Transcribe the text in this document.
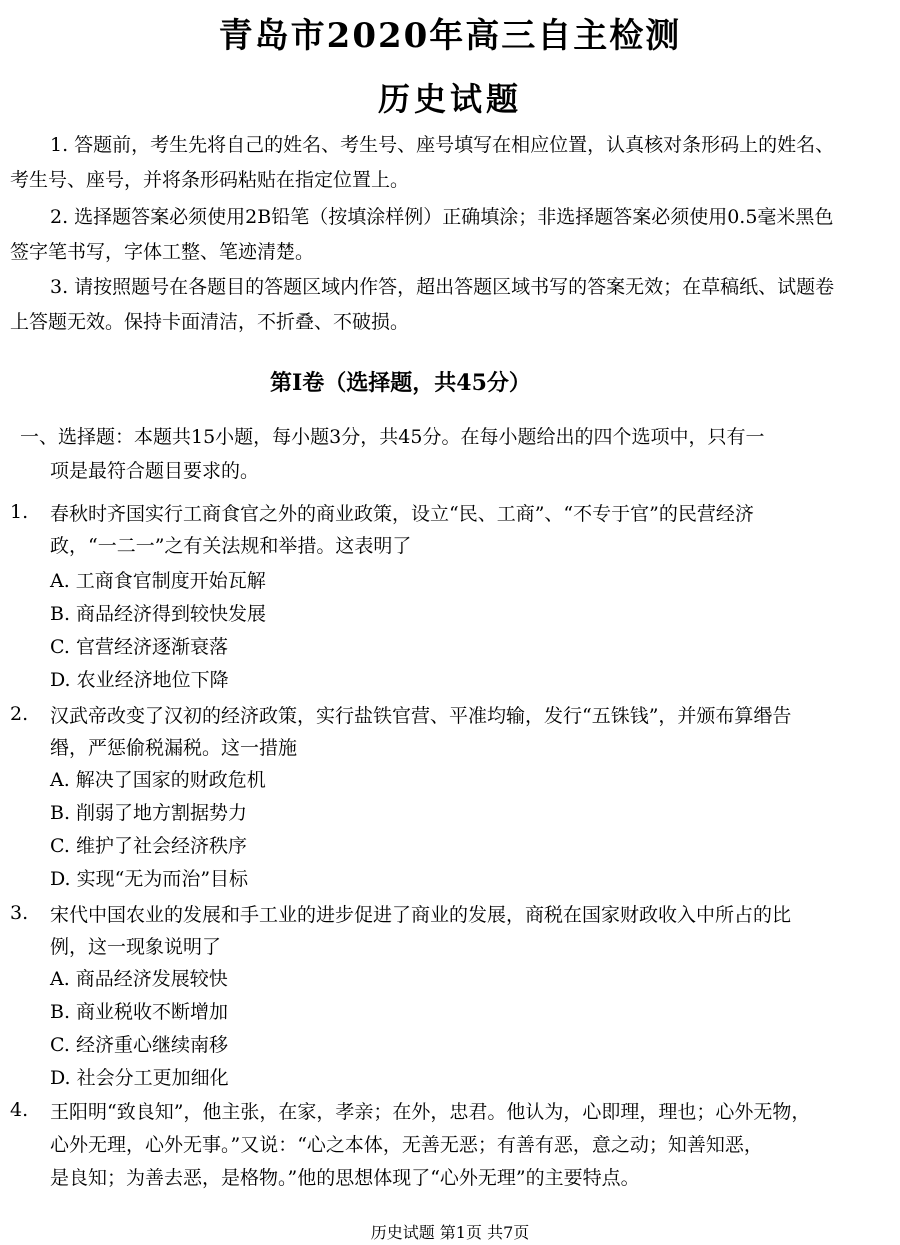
青岛市2020年高三自主检测
历史试题
1. 答题前，考生先将自己的姓名、考生号、座号填写在相应位置，认真核对条形码上的姓名、考生号、座号，并将条形码粘贴在指定位置上。
2. 选择题答案必须使用2B铅笔（按填涂样例）正确填涂；非选择题答案必须使用0.5毫米黑色签字笔书写，字体工整、笔迹清楚。
3. 请按照题号在各题目的答题区域内作答，超出答题区域书写的答案无效；在草稿纸、试题卷上答题无效。保持卡面清洁，不折叠、不破损。
第I卷（选择题，共45分）
一、选择题：本题共15小题，每小题3分，共45分。在每小题给出的四个选项中，只有一
项是最符合题目要求的。
1. 春秋时齐国实行工商食官之外的商业政策，设立“民、工商”、“不专于官”的民营经济
政，“一二一”之有关法规和举措。这表明了
A. 工商食官制度开始瓦解
B. 商品经济得到较快发展
C. 官营经济逐渐衰落
D. 农业经济地位下降
2. 汉武帝改变了汉初的经济政策，实行盐铁官营、平准均输，发行“五铢钱”，并颁布算缗告
缗，严惩偷税漏税。这一措施
A. 解决了国家的财政危机
B. 削弱了地方割据势力
C. 维护了社会经济秩序
D. 实现“无为而治”目标
3. 宋代中国农业的发展和手工业的进步促进了商业的发展，商税在国家财政收入中所占的比
例，这一现象说明了
A. 商品经济发展较快
B. 商业税收不断增加
C. 经济重心继续南移
D. 社会分工更加细化
4. 王阳明“致良知”，他主张，在家，孝亲；在外，忠君。他认为，心即理，理也；心外无物，
心外无理，心外无事。”又说：“心之本体，无善无恶；有善有恶，意之动；知善知恶，
是良知；为善去恶，是格物。”他的思想体现了“心外无理”的主要特点。
历史试题 第1页 共7页
